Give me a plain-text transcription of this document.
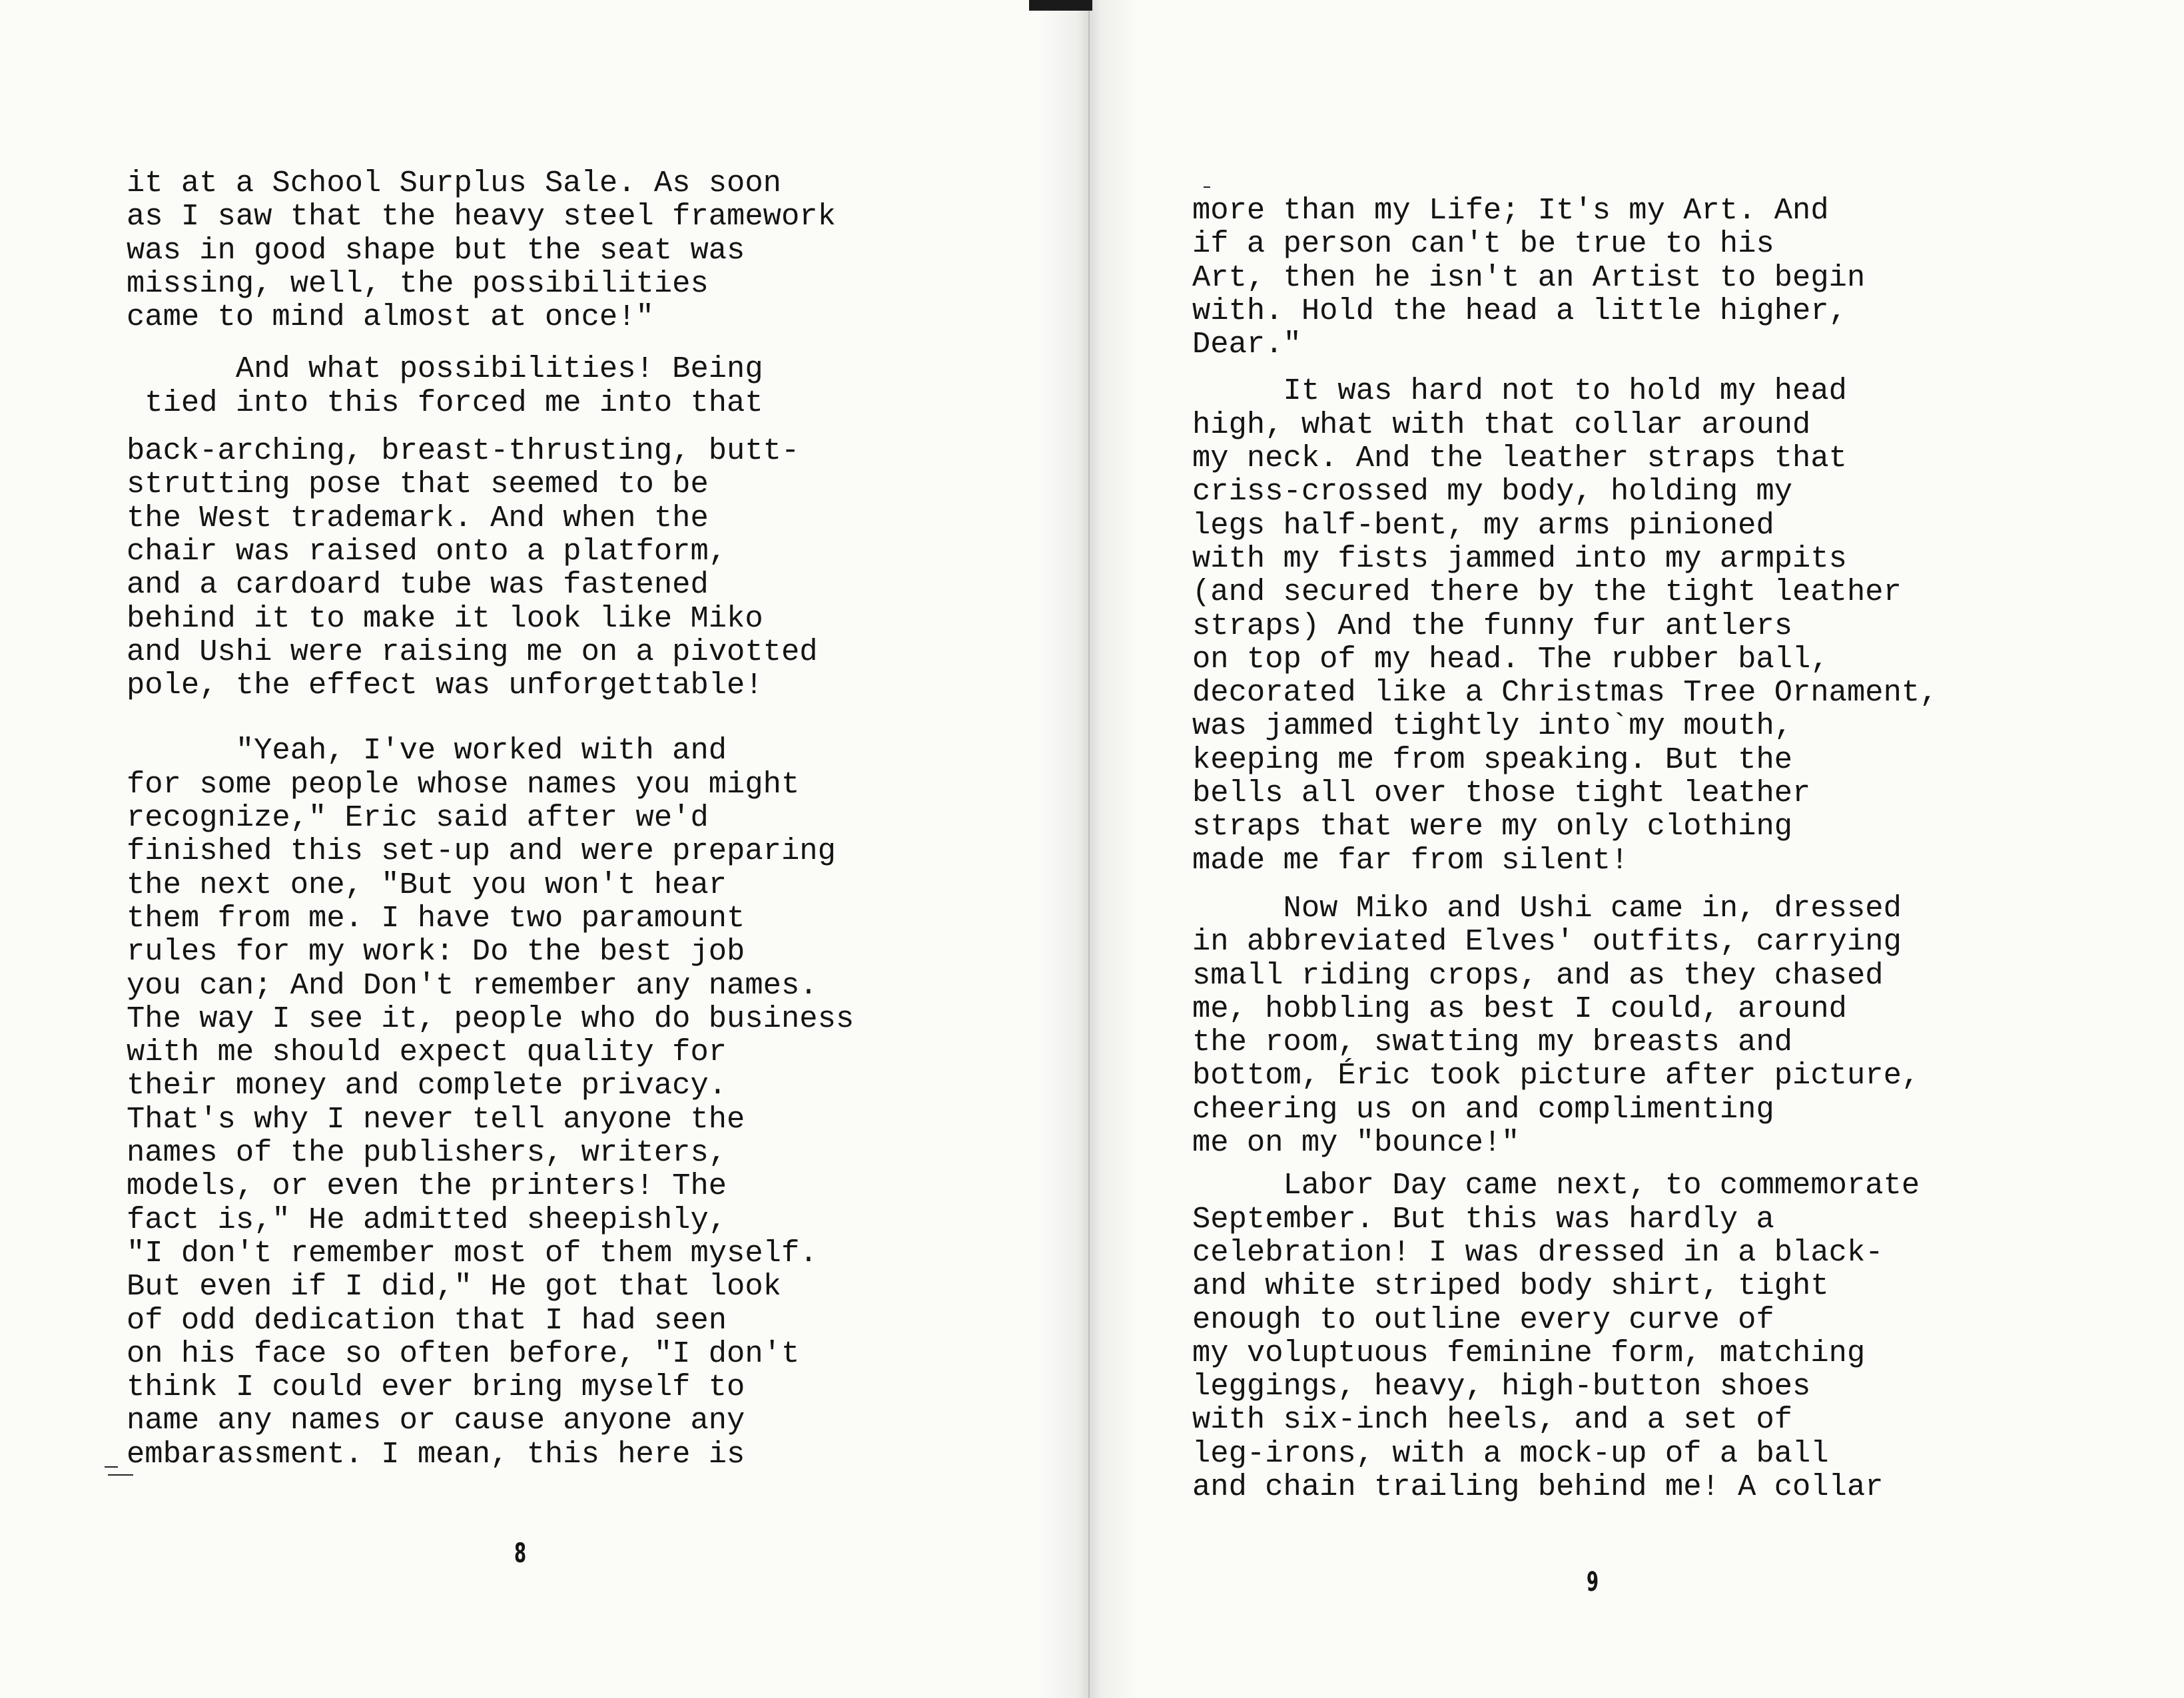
it at a School Surplus Sale. As soon

as I saw that the heavy steel framework

was in good shape but the seat was

missing, well, the possibilities

came to mind almost at once!"

And what possibilities! Being

tied into this forced me into that

back-arching, breast-thrusting, butt-

strutting pose that seemed to be

the West trademark. And when the

chair was raised onto a platform,

and a cardoard tube was fastened

behind it to make it look like Miko

and Ushi were raising me on a pivotted

pole, the effect was unforgettable!

"Yeah, I've worked with and

for some people whose names you might

recognize," Eric said after we'd

finished this set-up and were preparing

the next one, "But you won't hear

them from me. I have two paramount

rules for my work: Do the best job

you can; And Don't remember any names.

The way I see it, people who do business

with me should expect quality for

their money and complete privacy.

That's why I never tell anyone the

names of the publishers, writers,

models, or even the printers! The

fact is," He admitted sheepishly,

"I don't remember most of them myself.

But even if I did," He got that look

of odd dedication that I had seen

on his face so often before, "I don't

think I could ever bring myself to

name any names or cause anyone any

embarassment. I mean, this here is

8

more than my Life; It's my Art. And

if a person can't be true to his

Art, then he isn't an Artist to begin

with. Hold the head a little higher,

Dear."

It was hard not to hold my head

high, what with that collar around

my neck. And the leather straps that

criss-crossed my body, holding my

legs half-bent, my arms pinioned

with my fists jammed into my armpits

(and secured there by the tight leather

straps) And the funny fur antlers

on top of my head. The rubber ball,

decorated like a Christmas Tree Ornament,

was jammed tightly into`my mouth,

keeping me from speaking. But the

bells all over those tight leather

straps that were my only clothing

made me far from silent!

Now Miko and Ushi came in, dressed

in abbreviated Elves' outfits, carrying

small riding crops, and as they chased

me, hobbling as best I could, around

the room, swatting my breasts and

bottom, Éric took picture after picture,

cheering us on and complimenting

me on my "bounce!"

Labor Day came next, to commemorate

September. But this was hardly a

celebration! I was dressed in a black-

and white striped body shirt, tight

enough to outline every curve of

my voluptuous feminine form, matching

leggings, heavy, high-button shoes

with six-inch heels, and a set of

leg-irons, with a mock-up of a ball

and chain trailing behind me! A collar

9
